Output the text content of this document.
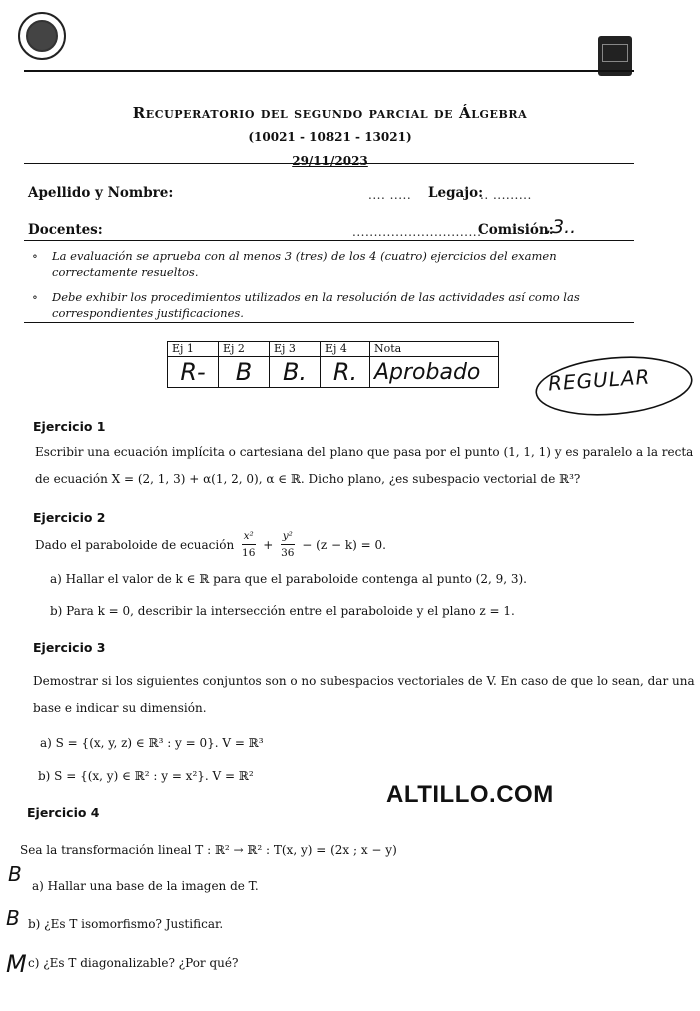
Recuperatorio del segundo parcial de Álgebra
(10021 - 10821 - 13021)
29/11/2023
Apellido y Nombre:	.... ..... Legajo:
.. .........
Docentes:	..............................
Comisión:
.3..
∘ La evaluación se aprueba con al menos 3 (tres) de los 4 (cuatro) ejercicios del examen correctamente resueltos.
∘ Debe exhibir los procedimientos utilizados en la resolución de las actividades así como las correspondientes justificaciones.
Ej 1	Ej 2	Ej 3	Ej 4	Nota
R-	B	B.	R.	Aprobado	REGULAR
Ejercicio 1
Escribir una ecuación implícita o cartesiana del plano que pasa por el punto (1, 1, 1) y es paralelo a la recta
de ecuación X = (2, 1, 3) + α(1, 2, 0), α ∈ ℝ. Dicho plano, ¿es subespacio vectorial de ℝ³?
Ejercicio 2
Dado el paraboloide de ecuación
$\frac{\text{x²}}{16} + \frac{\text{y²}}{36}$
− (z − k) = 0.
a) Hallar el valor de k ∈ ℝ para que el paraboloide contenga al punto (2, 9, 3).
b) Para k = 0, describir la intersección entre el paraboloide y el plano z = 1.
Ejercicio 3
Demostrar si los siguientes conjuntos son o no subespacios vectoriales de V. En caso de que lo sean, dar una
base e indicar su dimensión.
a) S = {(x, y, z) ∈ ℝ³ : y = 0}. V = ℝ³
b) S = {(x, y) ∈ ℝ² : y = x²}. V = ℝ²
ALTILLO.COM
Ejercicio 4
Sea la transformación lineal T : ℝ² → ℝ² : T(x, y) = (2x ; x − y)
B a) Hallar una base de la imagen de T.
B b) ¿Es T isomorfismo? Justificar.
M c) ¿Es T diagonalizable? ¿Por qué?
